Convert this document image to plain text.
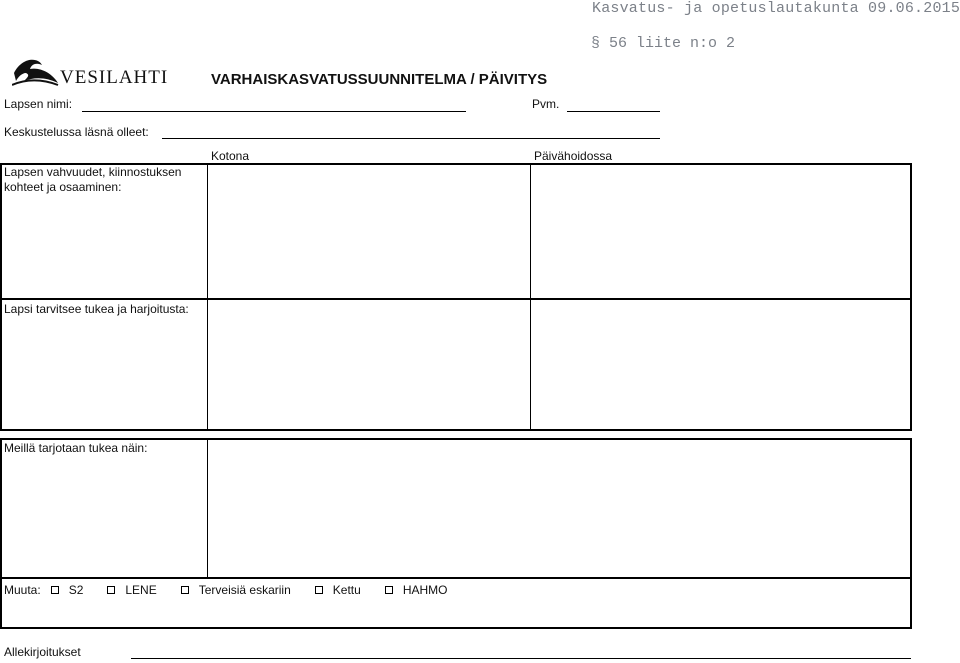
Kasvatus- ja opetuslautakunta 09.06.2015
§ 56 liite n:o 2
VESILAHTI	VARHAISKASVATUSSUUNNITELMA / PÄIVITYS
Lapsen nimi:	Pvm.
Keskustelussa läsnä olleet:
Kotona	Päivähoidossa
Lapsen vahvuudet, kiinnostuksen
kohteet ja osaaminen:
Lapsi tarvitsee tukea ja harjoitusta:
Meillä tarjotaan tukea näin:
Muuta: S2	LENE	Terveisiä eskariin	Kettu	HAHMO
Allekirjoitukset
